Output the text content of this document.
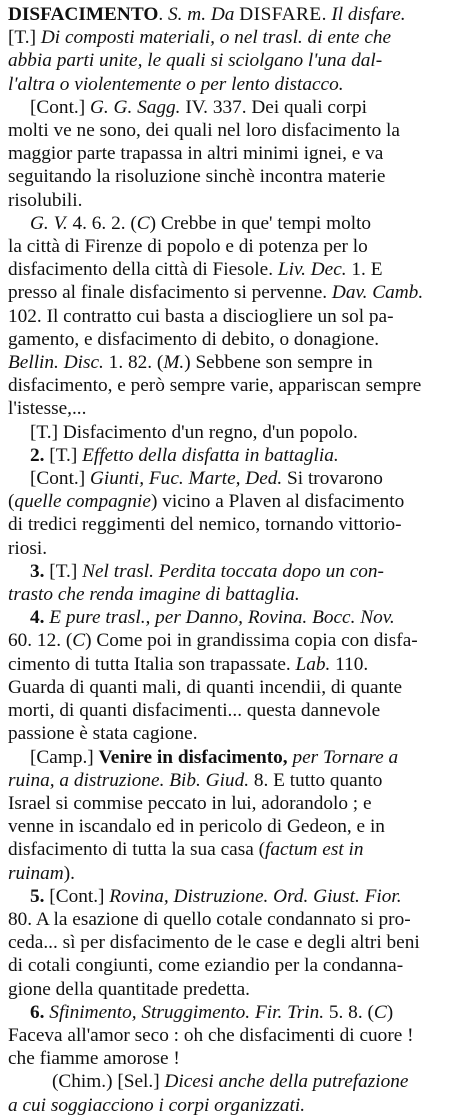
DISFACIMENTO. S. m. Da DISFARE. Il disfare.
[T.] Di composti materiali, o nel trasl. di ente che
abbia parti unite, le quali si sciolgano l'una dal-
l'altra o violentemente o per lento distacco.
[Cont.] G. G. Sagg. IV. 337. Dei quali corpi
molti ve ne sono, dei quali nel loro disfacimento la
maggior parte trapassa in altri minimi ignei, e va
seguitando la risoluzione sinchè incontra materie
risolubili.
G. V. 4. 6. 2. (C) Crebbe in que' tempi molto
la città di Firenze di popolo e di potenza per lo
disfacimento della città di Fiesole. Liv. Dec. 1. E
presso al finale disfacimento si pervenne. Dav. Camb.
102. Il contratto cui basta a disciogliere un sol pa-
gamento, e disfacimento di debito, o donagione.
Bellin. Disc. 1. 82. (M.) Sebbene son sempre in
disfacimento, e però sempre varie, appariscan sempre
l'istesse,...
[T.] Disfacimento d'un regno, d'un popolo.
2. [T.] Effetto della disfatta in battaglia.
[Cont.] Giunti, Fuc. Marte, Ded. Si trovarono
(quelle compagnie) vicino a Plaven al disfacimento
di tredici reggimenti del nemico, tornando vittorio-
riosi.
3. [T.] Nel trasl. Perdita toccata dopo un con-
trasto che renda imagine di battaglia.
4. E pure trasl., per Danno, Rovina. Bocc. Nov.
60. 12. (C) Come poi in grandissima copia con disfa-
cimento di tutta Italia son trapassate. Lab. 110.
Guarda di quanti mali, di quanti incendii, di quante
morti, di quanti disfacimenti... questa dannevole
passione è stata cagione.
[Camp.] Venire in disfacimento, per Tornare a
ruina, a distruzione. Bib. Giud. 8. E tutto quanto
Israel si commise peccato in lui, adorandolo ; e
venne in iscandalo ed in pericolo di Gedeon, e in
disfacimento di tutta la sua casa (factum est in
ruinam).
5. [Cont.] Rovina, Distruzione. Ord. Giust. Fior.
80. A la esazione di quello cotale condannato si pro-
ceda... sì per disfacimento de le case e degli altri beni
di cotali congiunti, come eziandio per la condanna-
gione della quantitade predetta.
6. Sfinimento, Struggimento. Fir. Trin. 5. 8. (C)
Faceva all'amor seco : oh che disfacimenti di cuore !
che fiamme amorose !
(Chim.) [Sel.] Dicesi anche della putrefazione
a cui soggiacciono i corpi organizzati.
